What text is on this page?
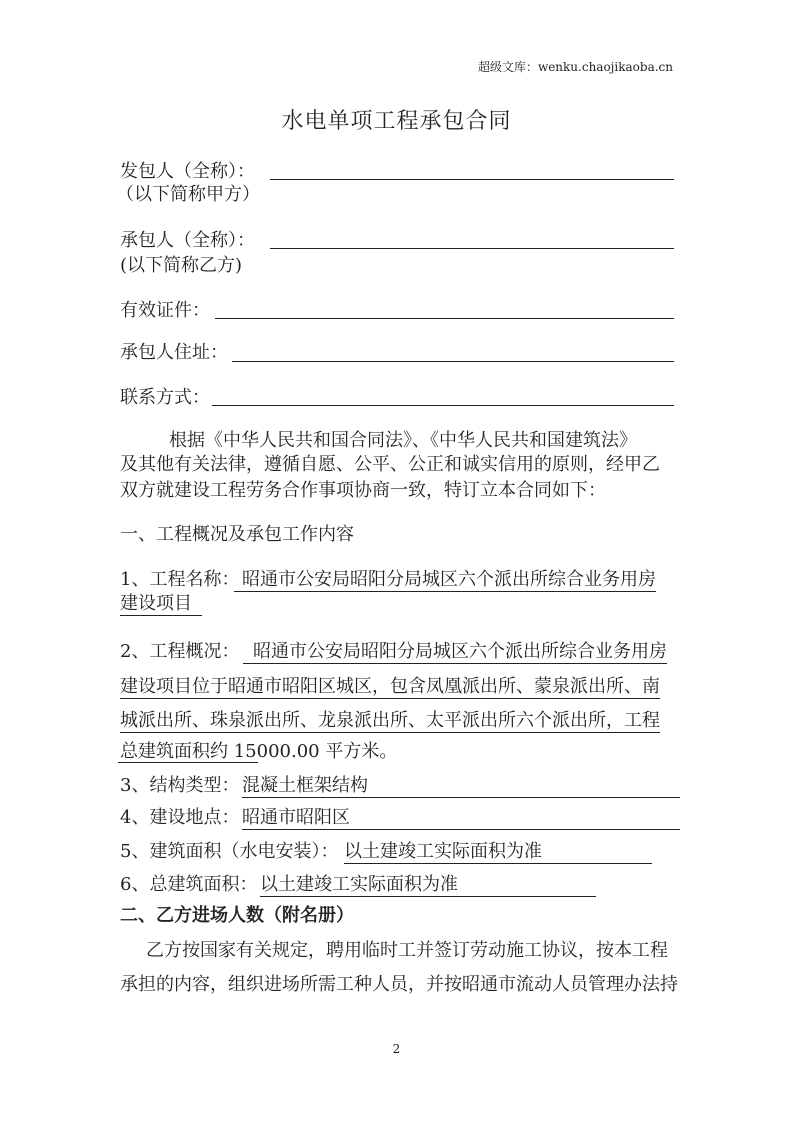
超级文库：wenku.chaojikaoba.cn
水电单项工程承包合同
发包人（全称）：
（以下简称甲方）
承包人（全称）：
(以下简称乙方)
有效证件：
承包人住址：
联系方式：
根据《中华人民共和国合同法》、《中华人民共和国建筑法》
及其他有关法律，遵循自愿、公平、公正和诚实信用的原则，经甲乙
双方就建设工程劳务合作事项协商一致，特订立本合同如下：
一、工程概况及承包工作内容
1、工程名称： 昭通市公安局昭阳分局城区六个派出所综合业务用房
建设项目
2、工程概况： 昭通市公安局昭阳分局城区六个派出所综合业务用房
建设项目位于昭通市昭阳区城区，包含凤凰派出所、蒙泉派出所、南
城派出所、珠泉派出所、龙泉派出所、太平派出所六个派出所，工程
总建筑面积约 15000.00 平方米。
3、结构类型： 混凝土框架结构
4、建设地点： 昭通市昭阳区
5、建筑面积（水电安装）： 以土建竣工实际面积为准
6、总建筑面积： 以土建竣工实际面积为准
二、乙方进场人数（附名册）
乙方按国家有关规定，聘用临时工并签订劳动施工协议，按本工程
承担的内容，组织进场所需工种人员，并按昭通市流动人员管理办法持
2
